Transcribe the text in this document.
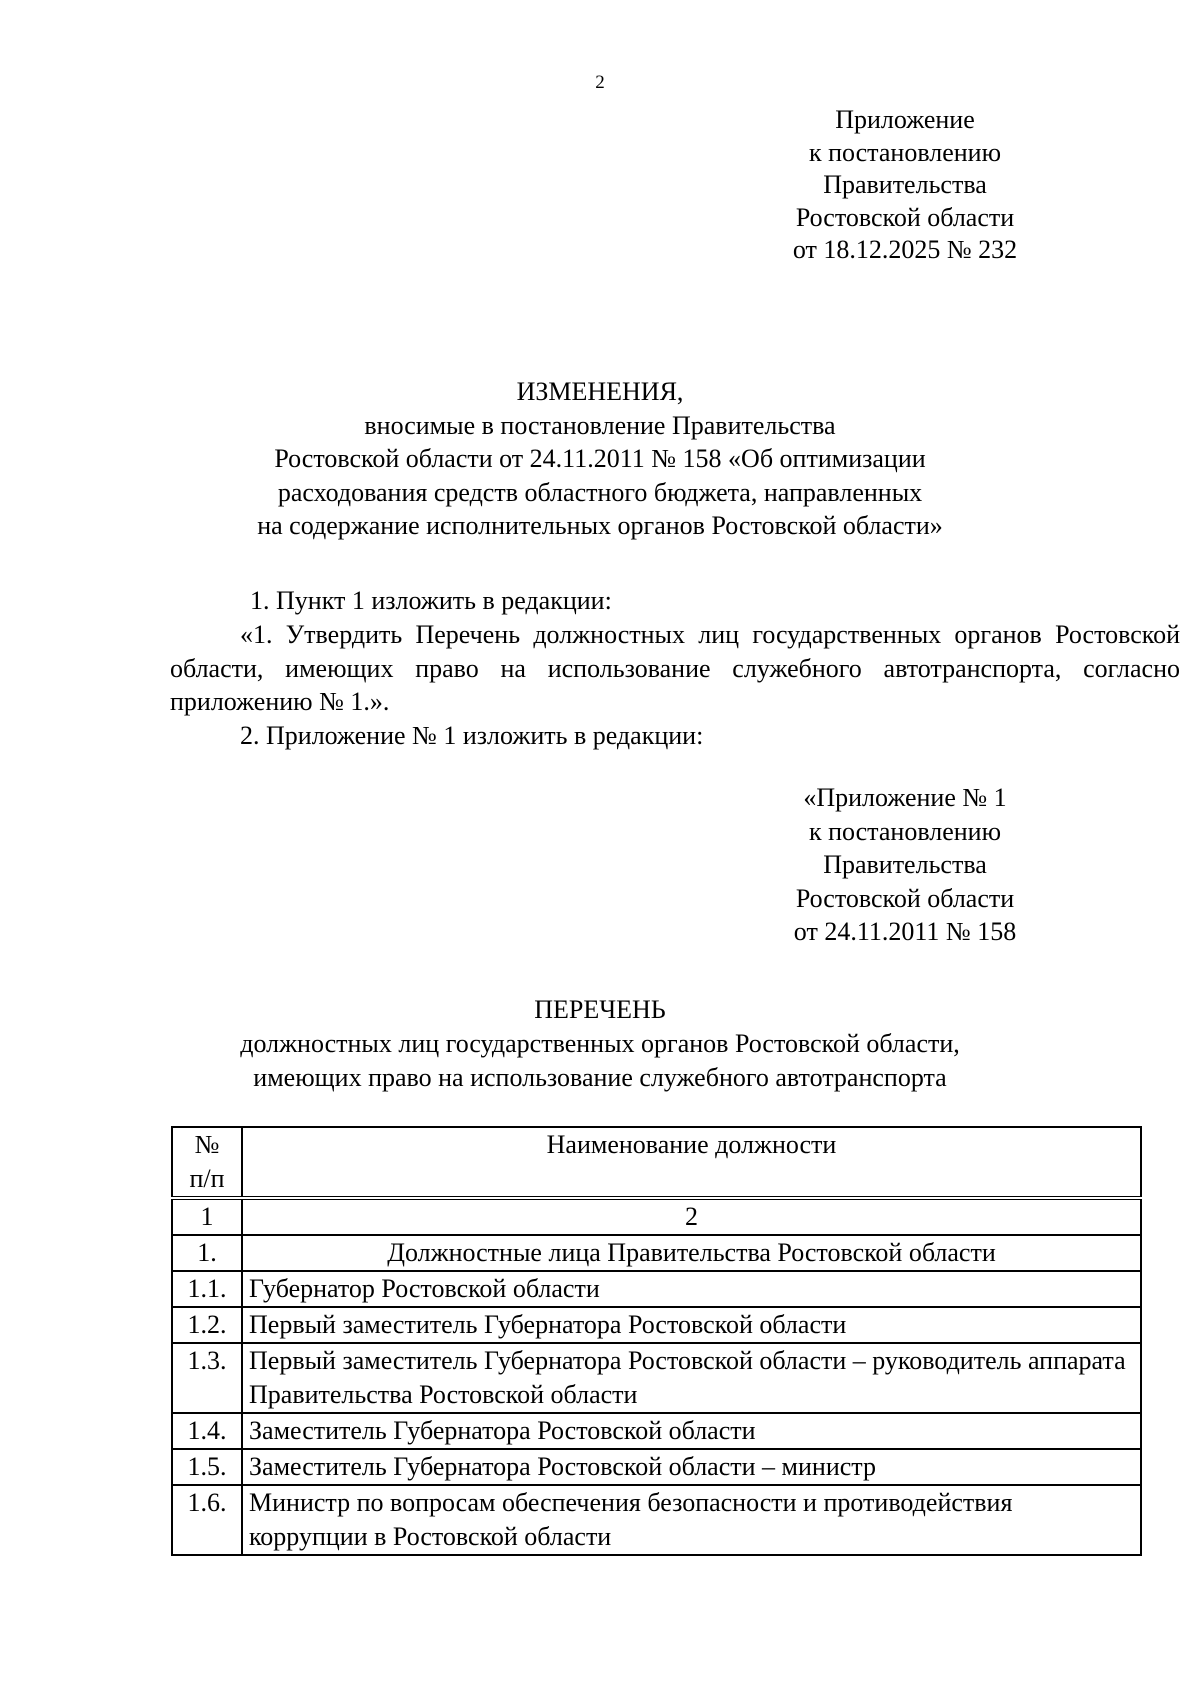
2
Приложение
к постановлению
Правительства
Ростовской области
от 18.12.2025 № 232
ИЗМЕНЕНИЯ,
вносимые в постановление Правительства
Ростовской области от 24.11.2011 № 158 «Об оптимизации
расходования средств областного бюджета, направленных
на содержание исполнительных органов Ростовской области»
1. Пункт 1 изложить в редакции:
«1. Утвердить Перечень должностных лиц государственных органов Ростовской области, имеющих право на использование служебного автотранспорта, согласно приложению № 1.».
2. Приложение № 1 изложить в редакции:
«Приложение № 1
к постановлению
Правительства
Ростовской области
от 24.11.2011 № 158
ПЕРЕЧЕНЬ
должностных лиц государственных органов Ростовской области,
имеющих право на использование служебного автотранспорта
№
п/п	Наименование должности
1	2
1.	Должностные лица Правительства Ростовской области
1.1.	Губернатор Ростовской области
1.2.	Первый заместитель Губернатора Ростовской области
1.3.	Первый заместитель Губернатора Ростовской области – руководитель аппарата Правительства Ростовской области
1.4.	Заместитель Губернатора Ростовской области
1.5.	Заместитель Губернатора Ростовской области – министр
1.6.	Министр по вопросам обеспечения безопасности и противодействия коррупции в Ростовской области
